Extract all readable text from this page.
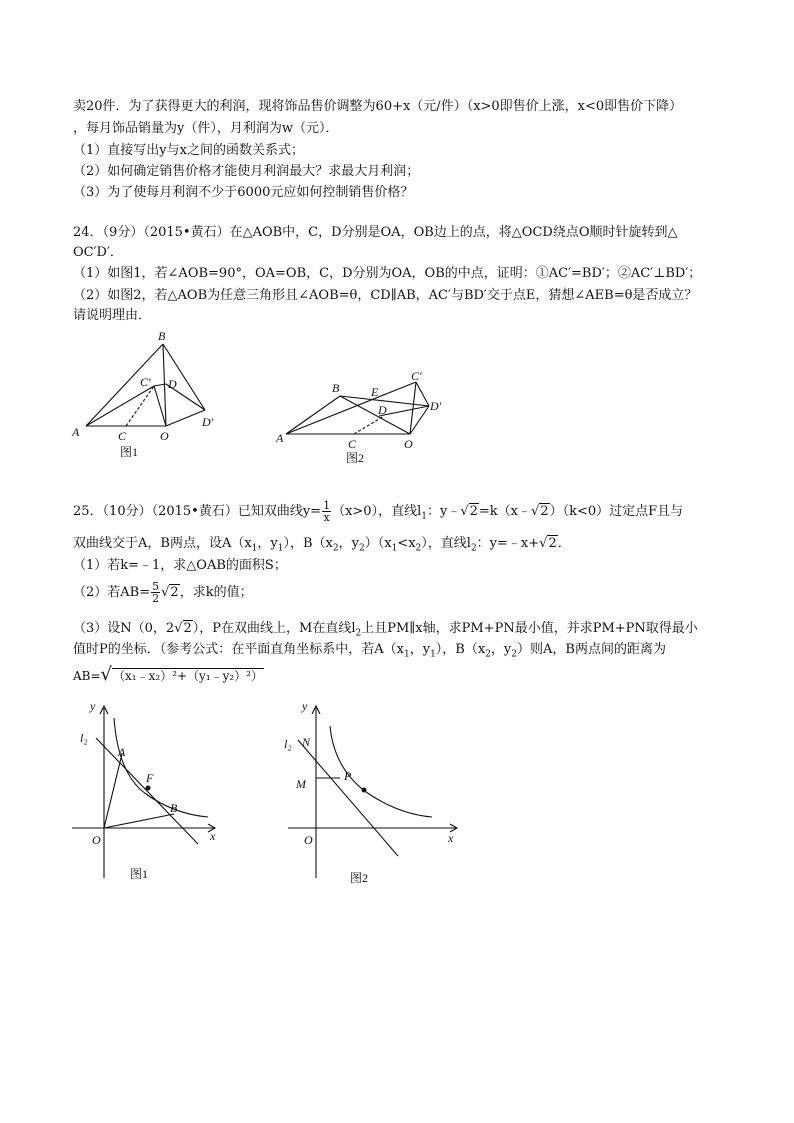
卖20件．为了获得更大的利润，现将饰品售价调整为60+x（元/件）（x>0即售价上涨，x<0即售价下降）
，每月饰品销量为y（件），月利润为w（元）．
（1）直接写出y与x之间的函数关系式；
（2）如何确定销售价格才能使月利润最大？求最大月利润；
（3）为了使每月利润不少于6000元应如何控制销售价格？
24．（9分）（2015•黄石）在△AOB中，C，D分别是OA，OB边上的点，将△OCD绕点O顺时针旋转到△
OC′D′．
（1）如图1，若∠AOB=90°，OA=OB，C，D分别为OA，OB的中点，证明：①AC′=BD′；②AC′⊥BD′；
（2）如图2，若△AOB为任意三角形且∠AOB=θ，CD∥AB，AC′与BD′交于点E，猜想∠AEB=θ是否成立？
请说明理由．
B
C′ D
D′
A	C	O
图1
B	E
C′
D	D′
A	C	O
图2
25．（10分）（2015•黄石）已知双曲线$y= \frac{1}{x} (x>0)$，直线$l_1$：y﹣√2=k（x﹣√2）（k<0）过定点F且与
双曲线交于A，B两点，设$A(x_1$，$y_1$），$B(x_2$，$y_2)(x_1<x_2)$，直线$l_2$：y=﹣x+√2．
（1）若k=﹣1，求△OAB的面积S；
（2）若$AB= \frac{5}{2} √2$，求k的值；
（3）设N（0，2√2），P在双曲线上，M在直线$l_2$上且PM∥x轴，求PM+PN最小值，并求PM+PN取得最小
值时P的坐标．（参考公式：在平面直角坐标系中，若$A(x_1$，$y_1$），$B(x_2$，$y_2$）则A，B两点间的距离为
AB=√（x₁﹣x₂）²+（y₁﹣y₂）²）
y
l₂
A
F
B
O	x
图1
y
l₂ N
M
P
O	x
图2
